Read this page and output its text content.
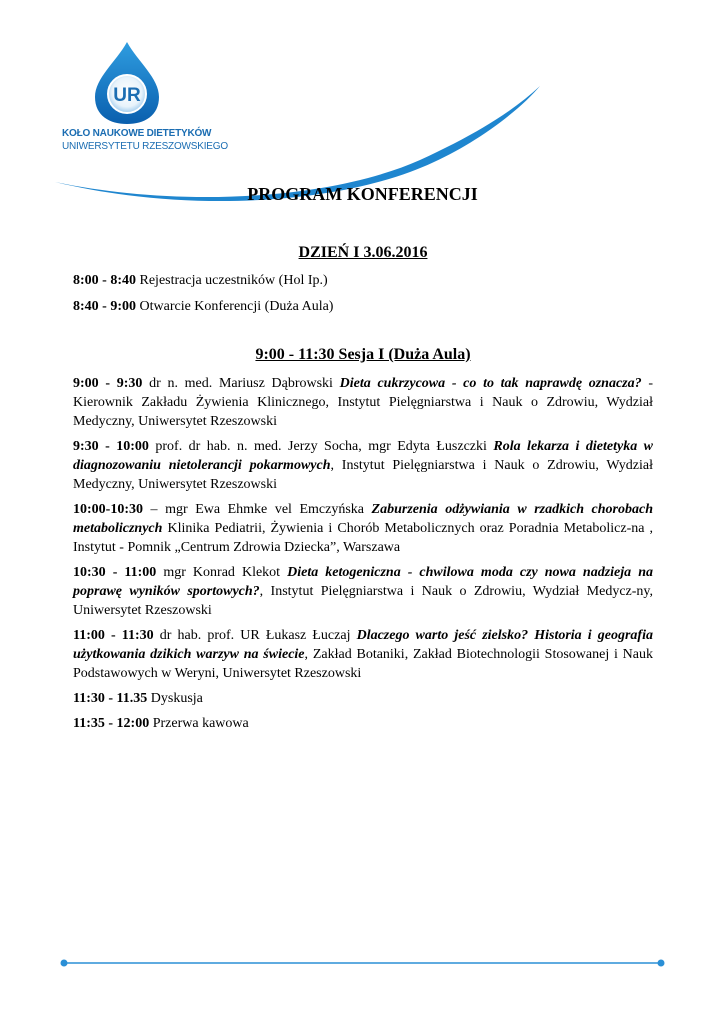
UR
KOŁO NAUKOWE DIETETYKÓW
UNIWERSYTETU RZESZOWSKIEGO
PROGRAM KONFERENCJI
DZIEŃ I 3.06.2016
8:00 - 8:40 Rejestracja uczestników (Hol Ip.)
8:40 - 9:00 Otwarcie Konferencji (Duża Aula)
9:00 - 11:30 Sesja I (Duża Aula)
9:00 - 9:30 dr n. med. Mariusz Dąbrowski Dieta cukrzycowa - co to tak naprawdę oznacza? - Kierownik Zakładu Żywienia Klinicznego, Instytut Pielęgniarstwa i Nauk o Zdrowiu, Wydział Medyczny, Uniwersytet Rzeszowski
9:30 - 10:00 prof. dr hab. n. med. Jerzy Socha, mgr Edyta Łuszczki Rola lekarza i dietetyka w diagnozowaniu nietolerancji pokarmowych, Instytut Pielęgniarstwa i Nauk o Zdrowiu, Wydział Medyczny, Uniwersytet Rzeszowski
10:00-10:30 – mgr Ewa Ehmke vel Emczyńska Zaburzenia odżywiania w rzadkich chorobach metabolicznych Klinika Pediatrii, Żywienia i Chorób Metabolicznych oraz Poradnia Metabolicz-na , Instytut - Pomnik „Centrum Zdrowia Dziecka”, Warszawa
10:30 - 11:00 mgr Konrad Klekot Dieta ketogeniczna - chwilowa moda czy nowa nadzieja na poprawę wyników sportowych?, Instytut Pielęgniarstwa i Nauk o Zdrowiu, Wydział Medycz-ny, Uniwersytet Rzeszowski
11:00 - 11:30 dr hab. prof. UR Łukasz Łuczaj Dlaczego warto jeść zielsko? Historia i geografia użytkowania dzikich warzyw na świecie, Zakład Botaniki, Zakład Biotechnologii Stosowanej i Nauk Podstawowych w Weryni, Uniwersytet Rzeszowski
11:30 - 11.35 Dyskusja
11:35 - 12:00 Przerwa kawowa
